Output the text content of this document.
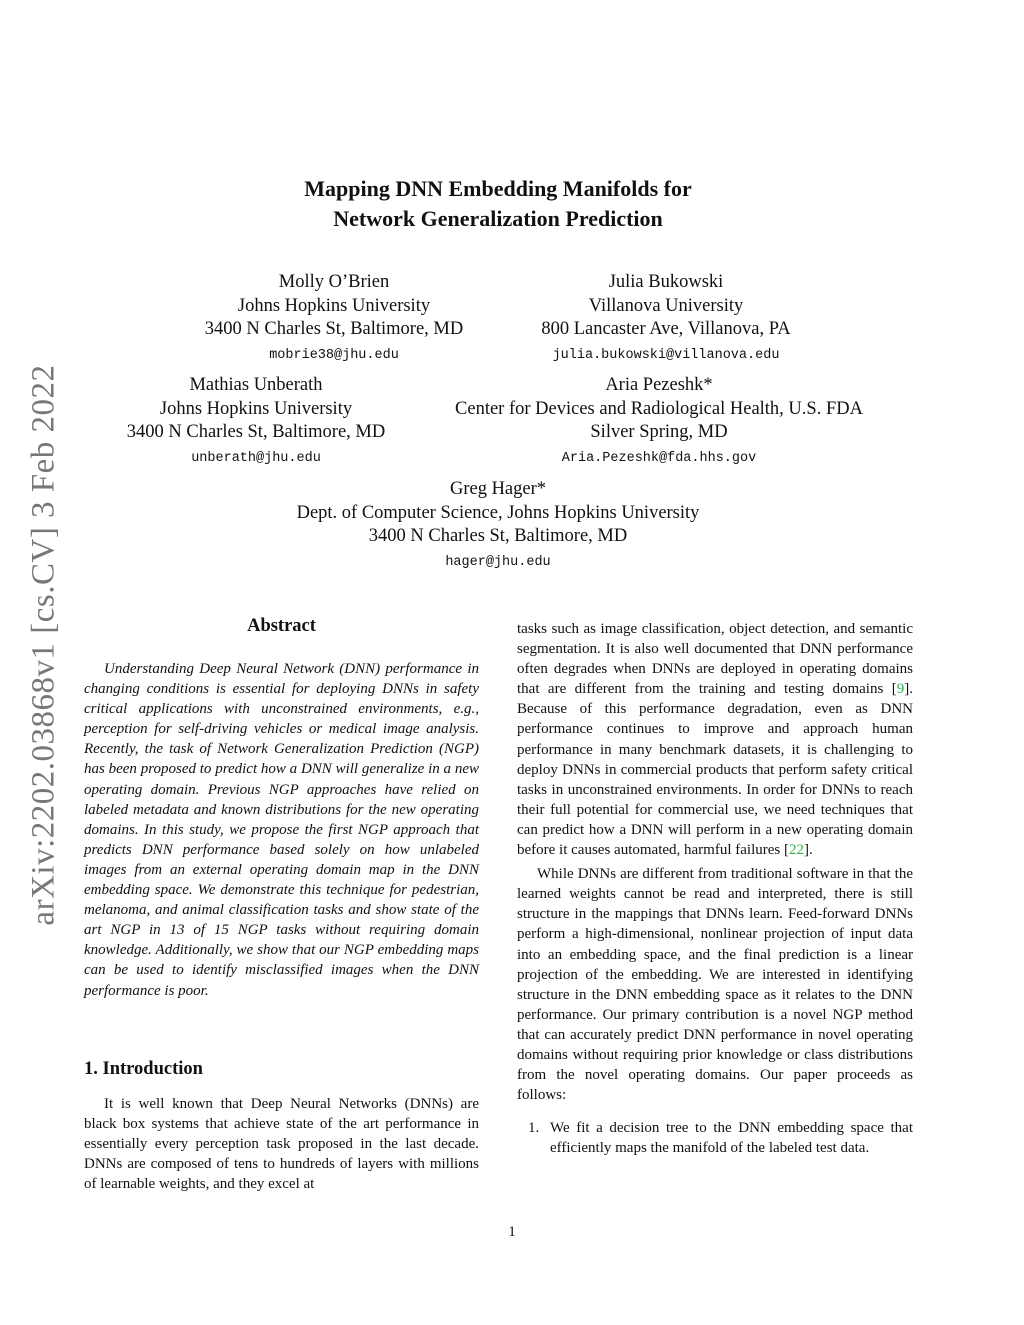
arXiv:2202.03868v1 [cs.CV] 3 Feb 2022
Mapping DNN Embedding Manifolds for
Network Generalization Prediction
Molly O’Brien
Johns Hopkins University
3400 N Charles St, Baltimore, MD
mobrie38@jhu.edu
Julia Bukowski
Villanova University
800 Lancaster Ave, Villanova, PA
julia.bukowski@villanova.edu
Mathias Unberath
Johns Hopkins University
3400 N Charles St, Baltimore, MD
unberath@jhu.edu
Aria Pezeshk*
Center for Devices and Radiological Health, U.S. FDA
Silver Spring, MD
Aria.Pezeshk@fda.hhs.gov
Greg Hager*
Dept. of Computer Science, Johns Hopkins University
3400 N Charles St, Baltimore, MD
hager@jhu.edu
Abstract
Understanding Deep Neural Network (DNN) performance in changing conditions is essential for deploying DNNs in safety critical applications with unconstrained environments, e.g., perception for self-driving vehicles or medical image analysis. Recently, the task of Network Generalization Prediction (NGP) has been proposed to predict how a DNN will generalize in a new operating domain. Previous NGP approaches have relied on labeled metadata and known distributions for the new operating domains. In this study, we propose the first NGP approach that predicts DNN performance based solely on how unlabeled images from an external operating domain map in the DNN embedding space. We demonstrate this technique for pedestrian, melanoma, and animal classification tasks and show state of the art NGP in 13 of 15 NGP tasks without requiring domain knowledge. Additionally, we show that our NGP embedding maps can be used to identify misclassified images when the DNN performance is poor.
1. Introduction
It is well known that Deep Neural Networks (DNNs) are black box systems that achieve state of the art performance in essentially every perception task proposed in the last decade. DNNs are composed of tens to hundreds of layers with millions of learnable weights, and they excel at

tasks such as image classification, object detection, and semantic segmentation. It is also well documented that DNN performance often degrades when DNNs are deployed in operating domains that are different from the training and testing domains [9]. Because of this performance degradation, even as DNN performance continues to improve and approach human performance in many benchmark datasets, it is challenging to deploy DNNs in commercial products that perform safety critical tasks in unconstrained environments. In order for DNNs to reach their full potential for commercial use, we need techniques that can predict how a DNN will perform in a new operating domain before it causes automated, harmful failures [22].

While DNNs are different from traditional software in that the learned weights cannot be read and interpreted, there is still structure in the mappings that DNNs learn. Feed-forward DNNs perform a high-dimensional, nonlinear projection of input data into an embedding space, and the final prediction is a linear projection of the embedding. We are interested in identifying structure in the DNN embedding space as it relates to the DNN performance. Our primary contribution is a novel NGP method that can accurately predict DNN performance in novel operating domains without requiring prior knowledge or class distributions from the novel operating domains. Our paper proceeds as follows:

1. We fit a decision tree to the DNN embedding space that efficiently maps the manifold of the labeled test data.
1
